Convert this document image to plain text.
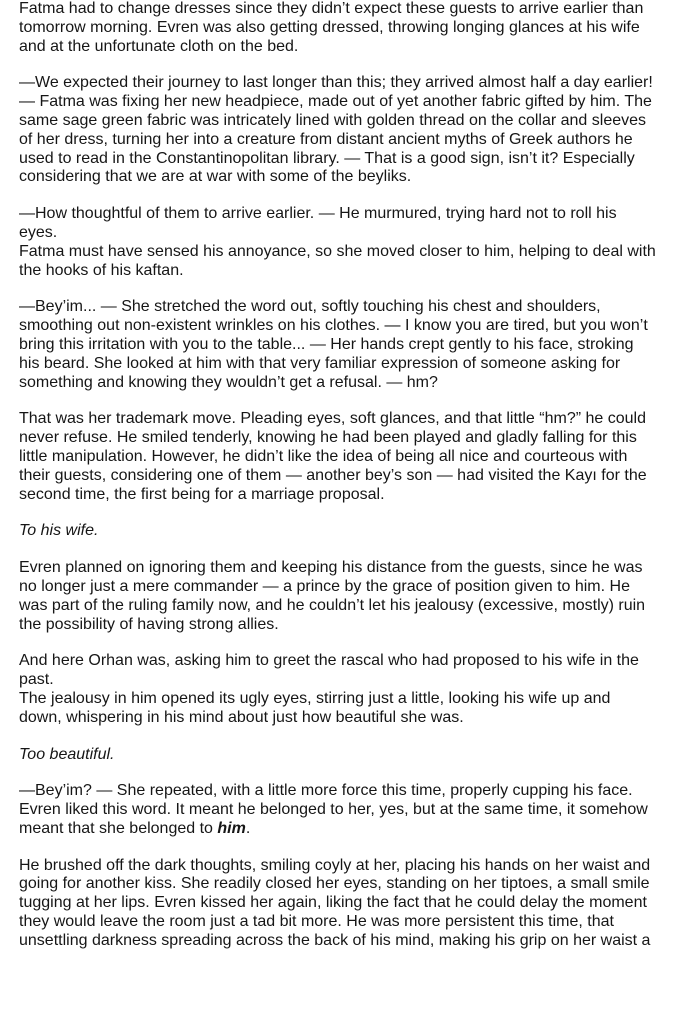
Fatma had to change dresses since they didn’t expect these guests to arrive earlier than
tomorrow morning. Evren was also getting dressed, throwing longing glances at his wife
and at the unfortunate cloth on the bed.
—We expected their journey to last longer than this; they arrived almost half a day earlier!
— Fatma was fixing her new headpiece, made out of yet another fabric gifted by him. The
same sage green fabric was intricately lined with golden thread on the collar and sleeves
of her dress, turning her into a creature from distant ancient myths of Greek authors he
used to read in the Constantinopolitan library. — That is a good sign, isn’t it? Especially
considering that we are at war with some of the beyliks.
—How thoughtful of them to arrive earlier. — He murmured, trying hard not to roll his
eyes.
Fatma must have sensed his annoyance, so she moved closer to him, helping to deal with
the hooks of his kaftan.
—Bey’im... — She stretched the word out, softly touching his chest and shoulders,
smoothing out non-existent wrinkles on his clothes. — I know you are tired, but you won’t
bring this irritation with you to the table... — Her hands crept gently to his face, stroking
his beard. She looked at him with that very familiar expression of someone asking for
something and knowing they wouldn’t get a refusal. — hm?
That was her trademark move. Pleading eyes, soft glances, and that little “hm?” he could
never refuse. He smiled tenderly, knowing he had been played and gladly falling for this
little manipulation. However, he didn’t like the idea of being all nice and courteous with
their guests, considering one of them — another bey’s son — had visited the Kayı for the
second time, the first being for a marriage proposal.
To his wife.
Evren planned on ignoring them and keeping his distance from the guests, since he was
no longer just a mere commander — a prince by the grace of position given to him. He
was part of the ruling family now, and he couldn’t let his jealousy (excessive, mostly) ruin
the possibility of having strong allies.
And here Orhan was, asking him to greet the rascal who had proposed to his wife in the
past.
The jealousy in him opened its ugly eyes, stirring just a little, looking his wife up and
down, whispering in his mind about just how beautiful she was.
Too beautiful.
—Bey’im? — She repeated, with a little more force this time, properly cupping his face.
Evren liked this word. It meant he belonged to her, yes, but at the same time, it somehow
meant that she belonged to him.
He brushed off the dark thoughts, smiling coyly at her, placing his hands on her waist and
going for another kiss. She readily closed her eyes, standing on her tiptoes, a small smile
tugging at her lips. Evren kissed her again, liking the fact that he could delay the moment
they would leave the room just a tad bit more. He was more persistent this time, that
unsettling darkness spreading across the back of his mind, making his grip on her waist a
